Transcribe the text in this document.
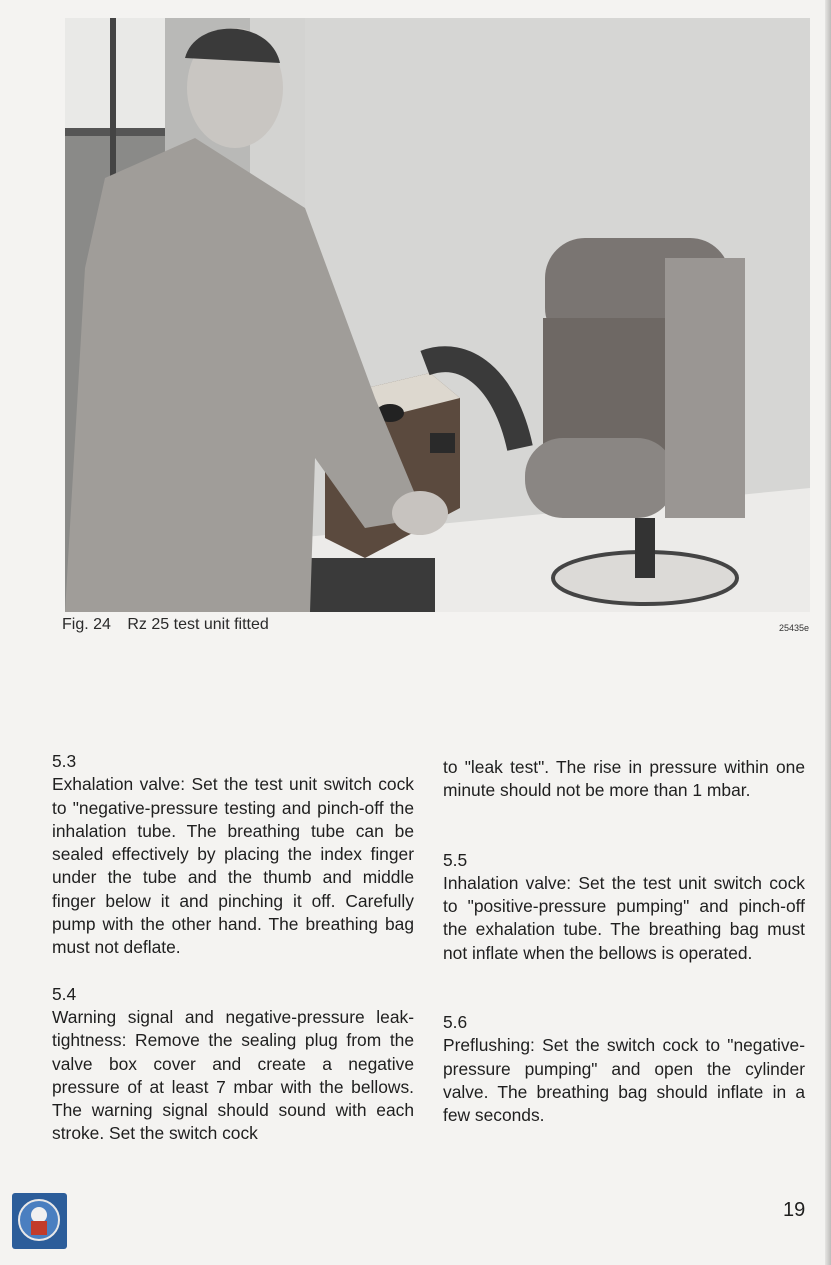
Fig. 24 Rz 25 test unit fitted	25435e

5.3

Exhalation valve: Set the test unit switch cock to "negative-pressure testing and pinch-off the inhalation tube. The breathing tube can be sealed effectively by placing the index finger under the tube and the thumb and middle finger below it and pinching it off. Carefully pump with the other hand. The breathing bag must not deflate.

5.4

Warning signal and negative-pressure leak-tightness: Remove the sealing plug from the valve box cover and create a negative pressure of at least 7 mbar with the bellows. The warning signal should sound with each stroke. Set the switch cock

to "leak test". The rise in pressure within one minute should not be more than 1 mbar.

5.5

Inhalation valve: Set the test unit switch cock to "positive-pressure pumping" and pinch-off the exhalation tube. The breathing bag must not inflate when the bellows is operated.

5.6

Preflushing: Set the switch cock to "negative-pressure pumping" and open the cylinder valve. The breathing bag should inflate in a few seconds.

19
